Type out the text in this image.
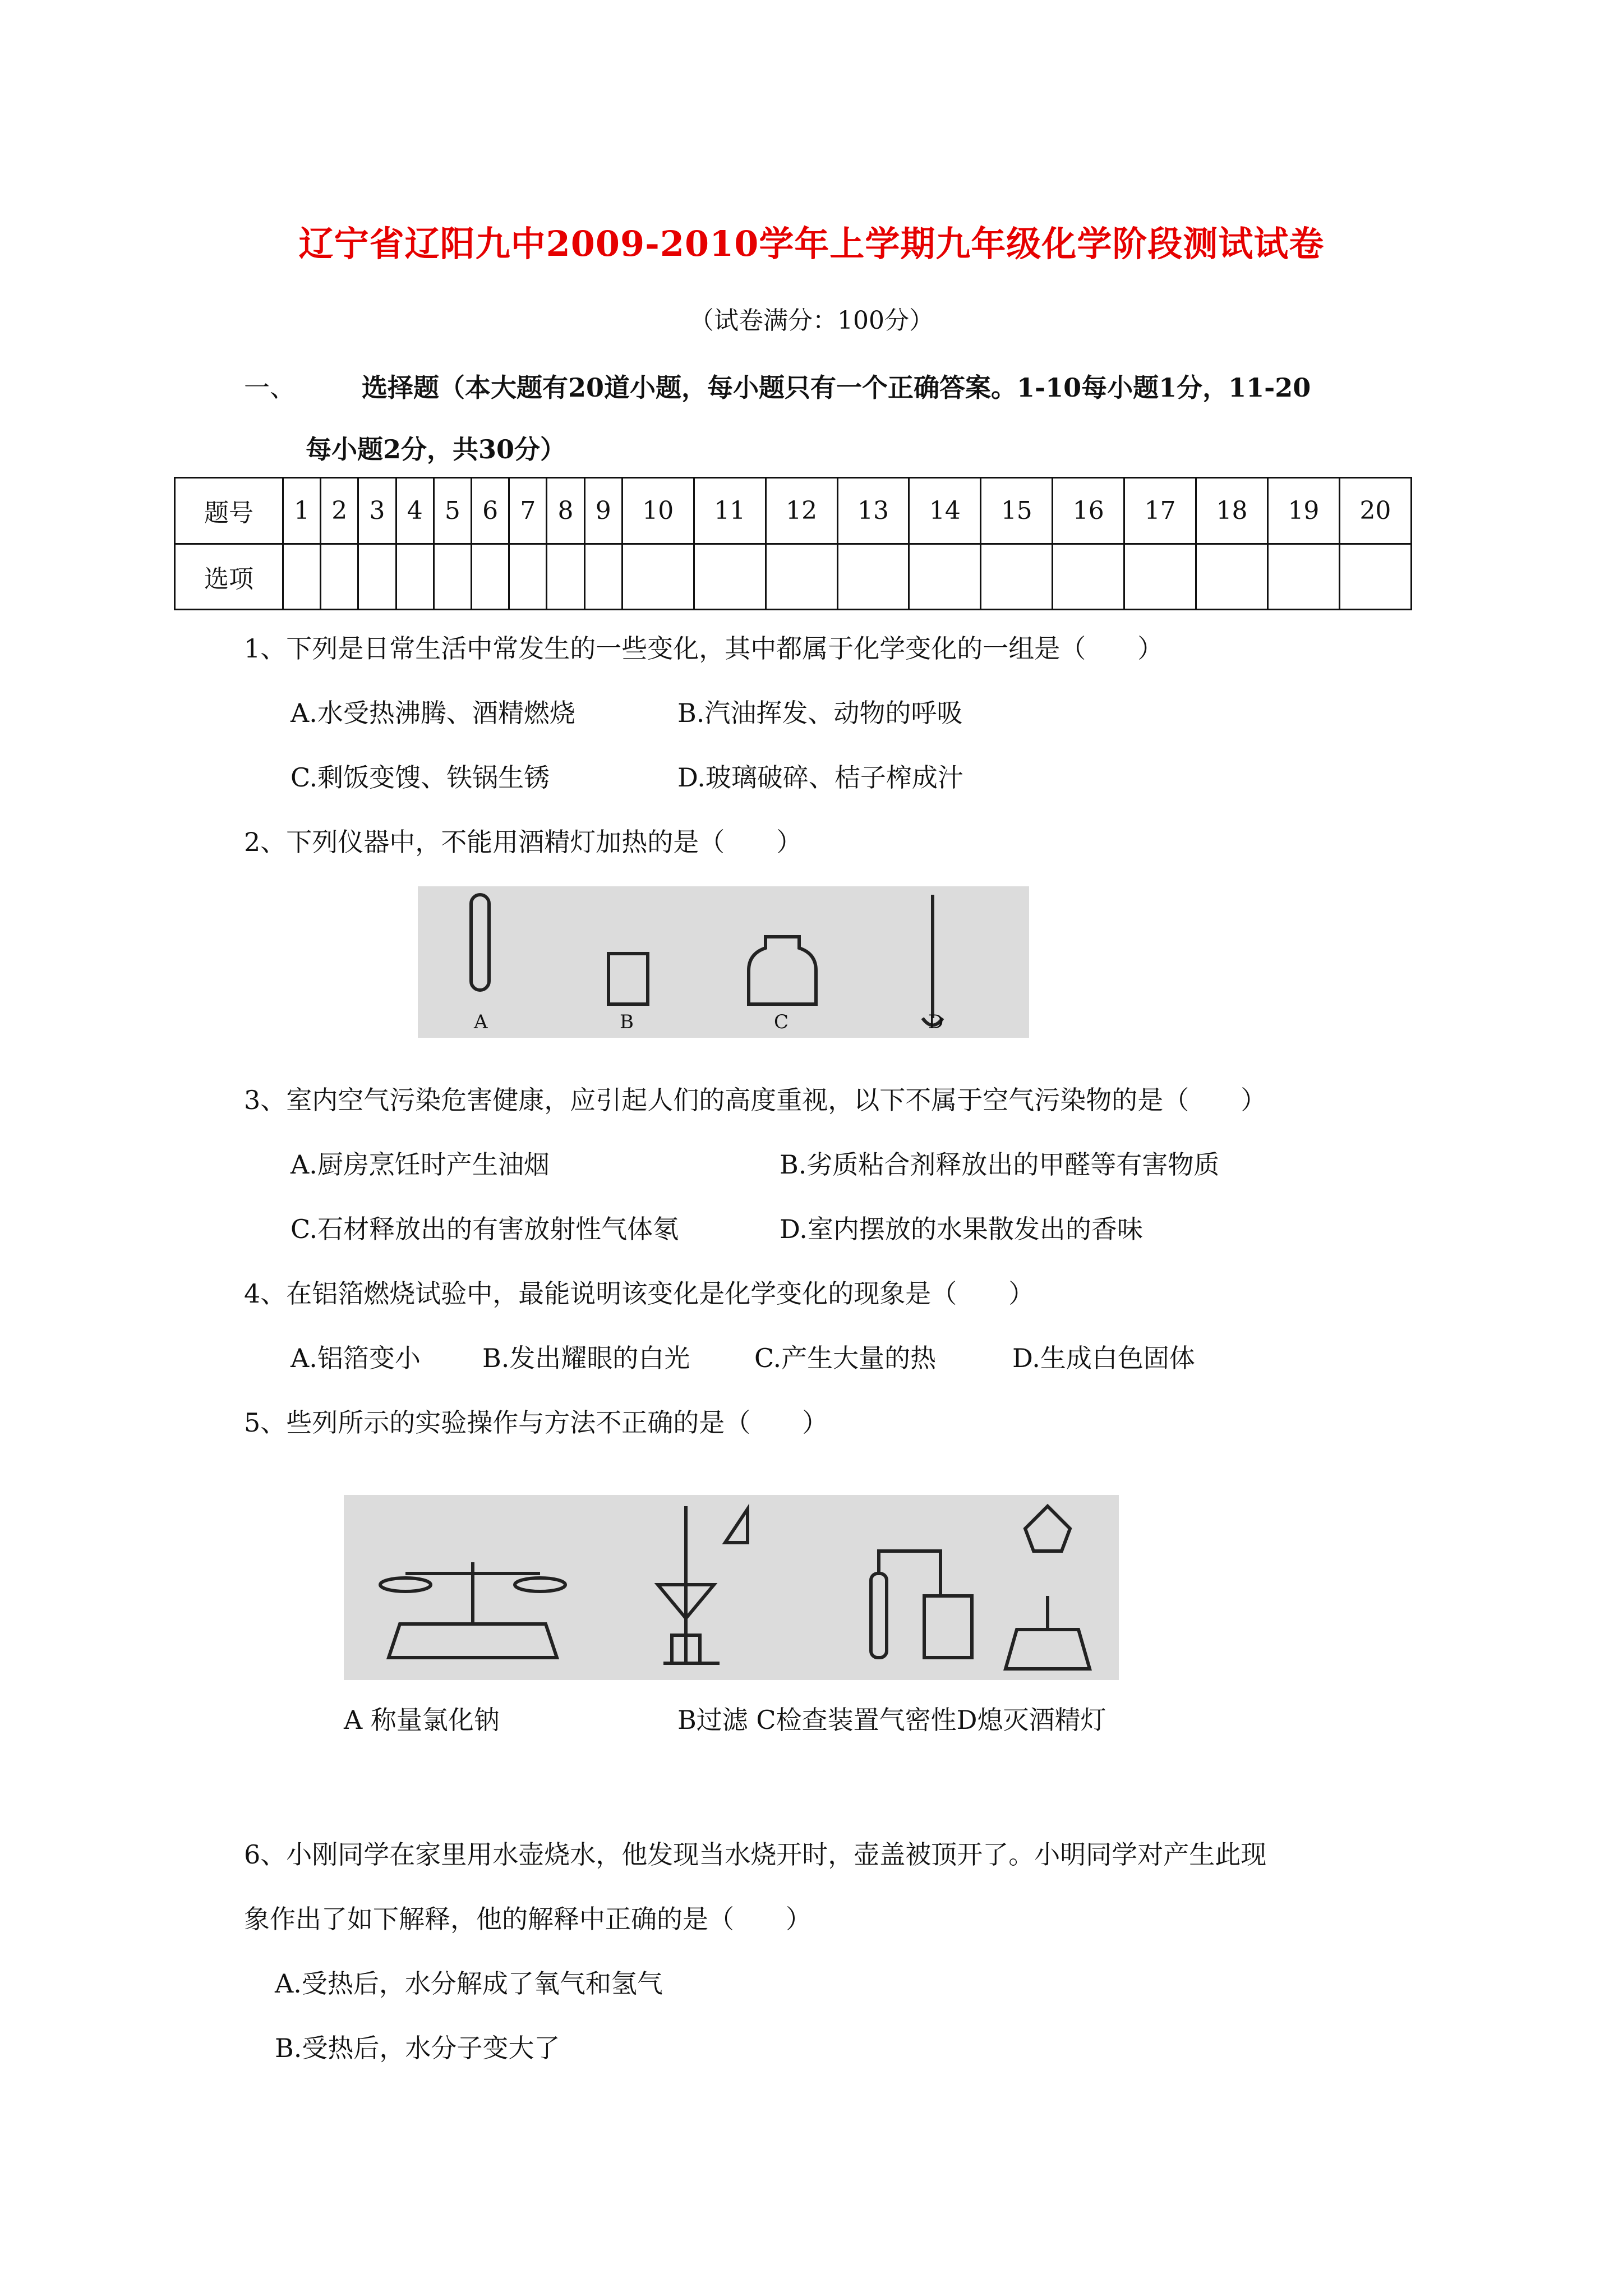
辽宁省辽阳九中2009-2010学年上学期九年级化学阶段测试试卷
（试卷满分：100分）
一、	选择题（本大题有20道小题，每小题只有一个正确答案。1-10每小题1分，11-20
每小题2分，共30分）
题号	1	2	3	4	5	6	7	8	9	10	11	12	13	14	15	16	17	18	19	20
选项																				
1、下列是日常生活中常发生的一些变化，其中都属于化学变化的一组是（　　）
A.水受热沸腾、酒精燃烧	B.汽油挥发、动物的呼吸
C.剩饭变馊、铁锅生锈	D.玻璃破碎、桔子榨成汁
2、下列仪器中，不能用酒精灯加热的是（　　）
A	B	C	D
3、室内空气污染危害健康，应引起人们的高度重视，以下不属于空气污染物的是（　　）
A.厨房烹饪时产生油烟	B.劣质粘合剂释放出的甲醛等有害物质
C.石材释放出的有害放射性气体氡	D.室内摆放的水果散发出的香味
4、在铝箔燃烧试验中，最能说明该变化是化学变化的现象是（　　）
A.铝箔变小 B.发出耀眼的白光 C.产生大量的热	D.生成白色固体
5、些列所示的实验操作与方法不正确的是（　　）
A 称量氯化钠	B过滤 C检查装置气密性D熄灭酒精灯
6、小刚同学在家里用水壶烧水，他发现当水烧开时，壶盖被顶开了。小明同学对产生此现
象作出了如下解释，他的解释中正确的是（　　）
A.受热后，水分解成了氧气和氢气
B.受热后，水分子变大了
